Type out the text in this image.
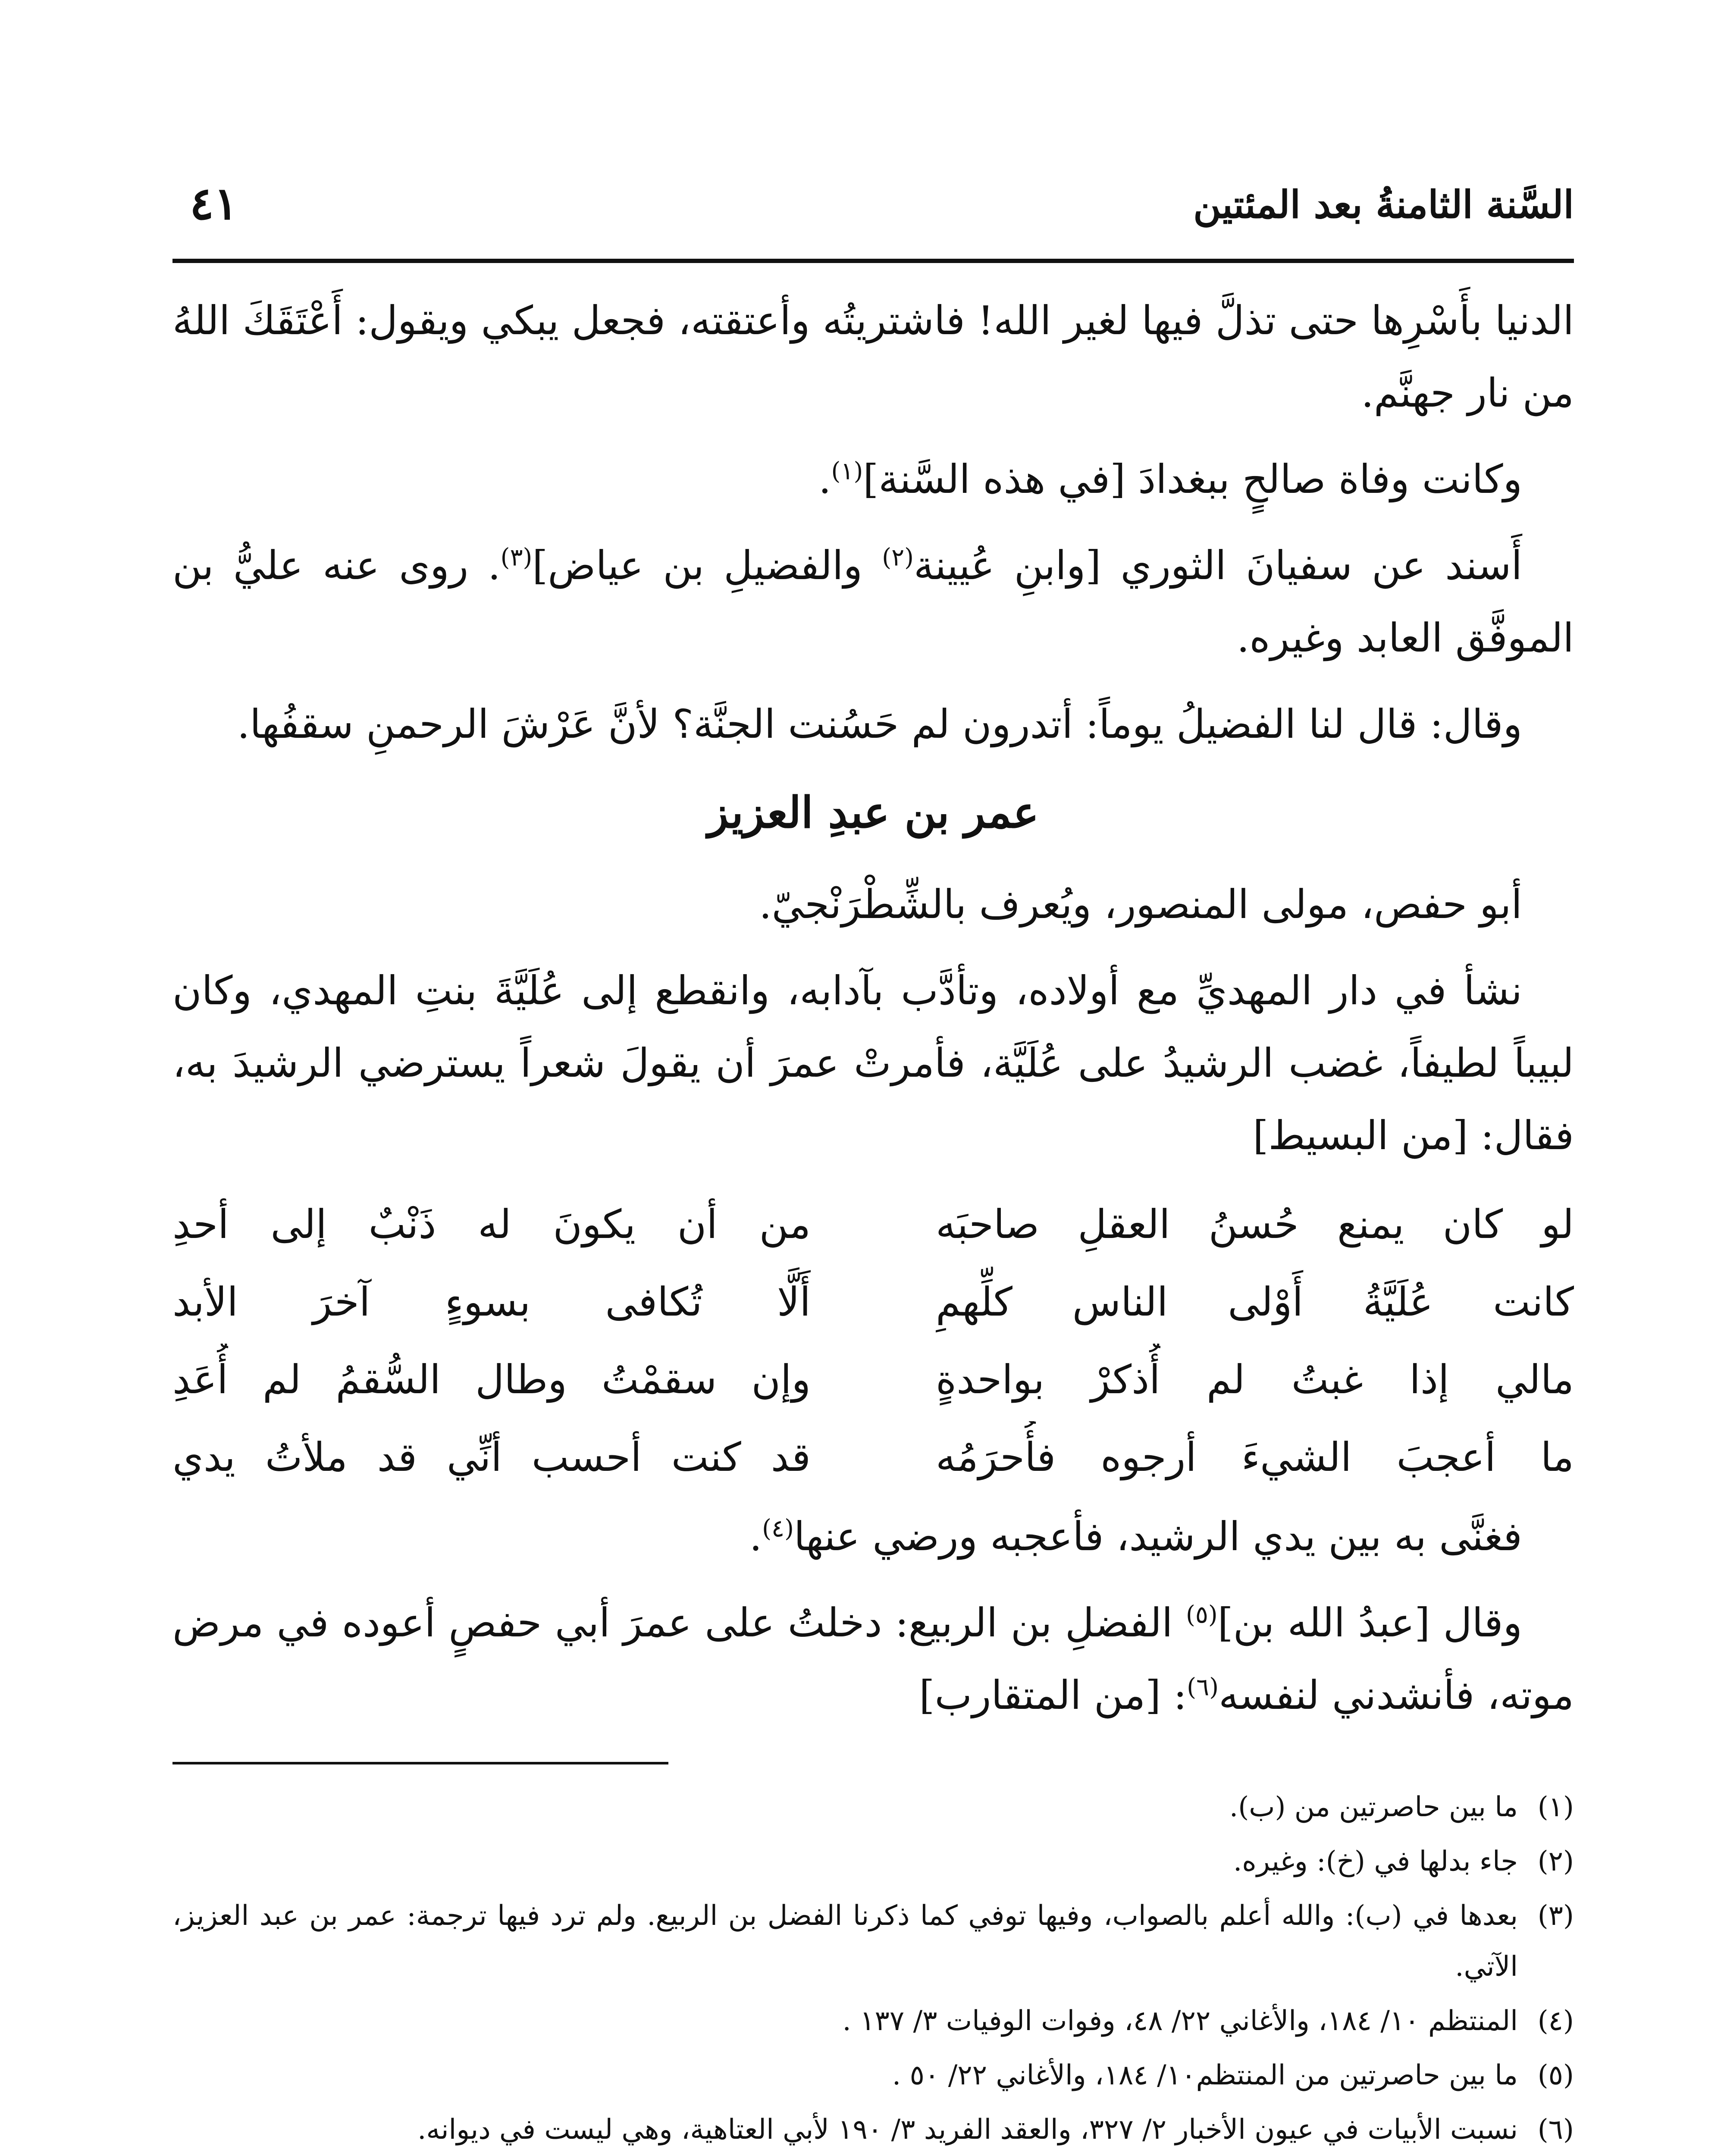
السَّنة الثامنةُ بعد المئتين
٤١

الدنيا بأَسْرِها حتى تذلَّ فيها لغير الله! فاشتريتُه وأعتقته، فجعل يبكي ويقول: أَعْتَقَكَ اللهُ من نار جهنَّم.

وكانت وفاة صالحٍ ببغدادَ [في هذه السَّنة]$^{(١)}$.

أَسند عن سفيانَ الثوري [وابنِ عُيينة$^{(٢)}$ والفضيلِ بن عياض]$^{(٣)}$. روى عنه عليُّ بن الموفَّق العابد وغيره.

وقال: قال لنا الفضيلُ يوماً: أتدرون لم حَسُنت الجنَّة؟ لأنَّ عَرْشَ الرحمنِ سقفُها.

عمر بن عبدِ العزيز

أبو حفص، مولى المنصور، ويُعرف بالشِّطْرَنْجيّ.

نشأ في دار المهديِّ مع أولاده، وتأدَّب بآدابه، وانقطع إلى عُلَيَّةَ بنتِ المهدي، وكان لبيباً لطيفاً، غضب الرشيدُ على عُلَيَّة، فأمرتْ عمرَ أن يقولَ شعراً يسترضي الرشيدَ به، فقال: [من البسيط]

لو كان يمنع حُسنُ العقلِ صاحبَه
من أن يكونَ له ذَنْبٌ إلى أحدِ
كانت عُلَيَّةُ أَوْلى الناس كلِّهمِ
أَلَّا تُكافى بسوءٍ آخرَ الأبد
مالي إذا غبتُ لم أُذكرْ بواحدةٍ
وإن سقمْتُ وطال السُّقمُ لم أُعَدِ
ما أعجبَ الشيءَ أرجوه فأُحرَمُه
قد كنت أحسب أنِّي قد ملأتُ يدي

فغنَّى به بين يدي الرشيد، فأعجبه ورضي عنها$^{(٤)}$.

وقال [عبدُ الله بن]$^{(٥)}$ الفضلِ بن الربيع: دخلتُ على عمرَ أبي حفصٍ أعوده في مرض موته، فأنشدني لنفسه$^{(٦)}$: [من المتقارب]

(١)
ما بين حاصرتين من (ب).
(٢)
جاء بدلها في (خ): وغيره.
(٣)
بعدها في (ب): والله أعلم بالصواب، وفيها توفي كما ذكرنا الفضل بن الربيع. ولم ترد فيها ترجمة: عمر بن عبد العزيز، الآتي.
(٤)
المنتظم ١٠/ ١٨٤، والأغاني ٢٢/ ٤٨، وفوات الوفيات ٣/ ١٣٧ .
(٥)
ما بين حاصرتين من المنتظم١٠/ ١٨٤، والأغاني ٢٢/ ٥٠ .
(٦)
نسبت الأبيات في عيون الأخبار ٢/ ٣٢٧، والعقد الفريد ٣/ ١٩٠ لأبي العتاهية، وهي ليست في ديوانه.
